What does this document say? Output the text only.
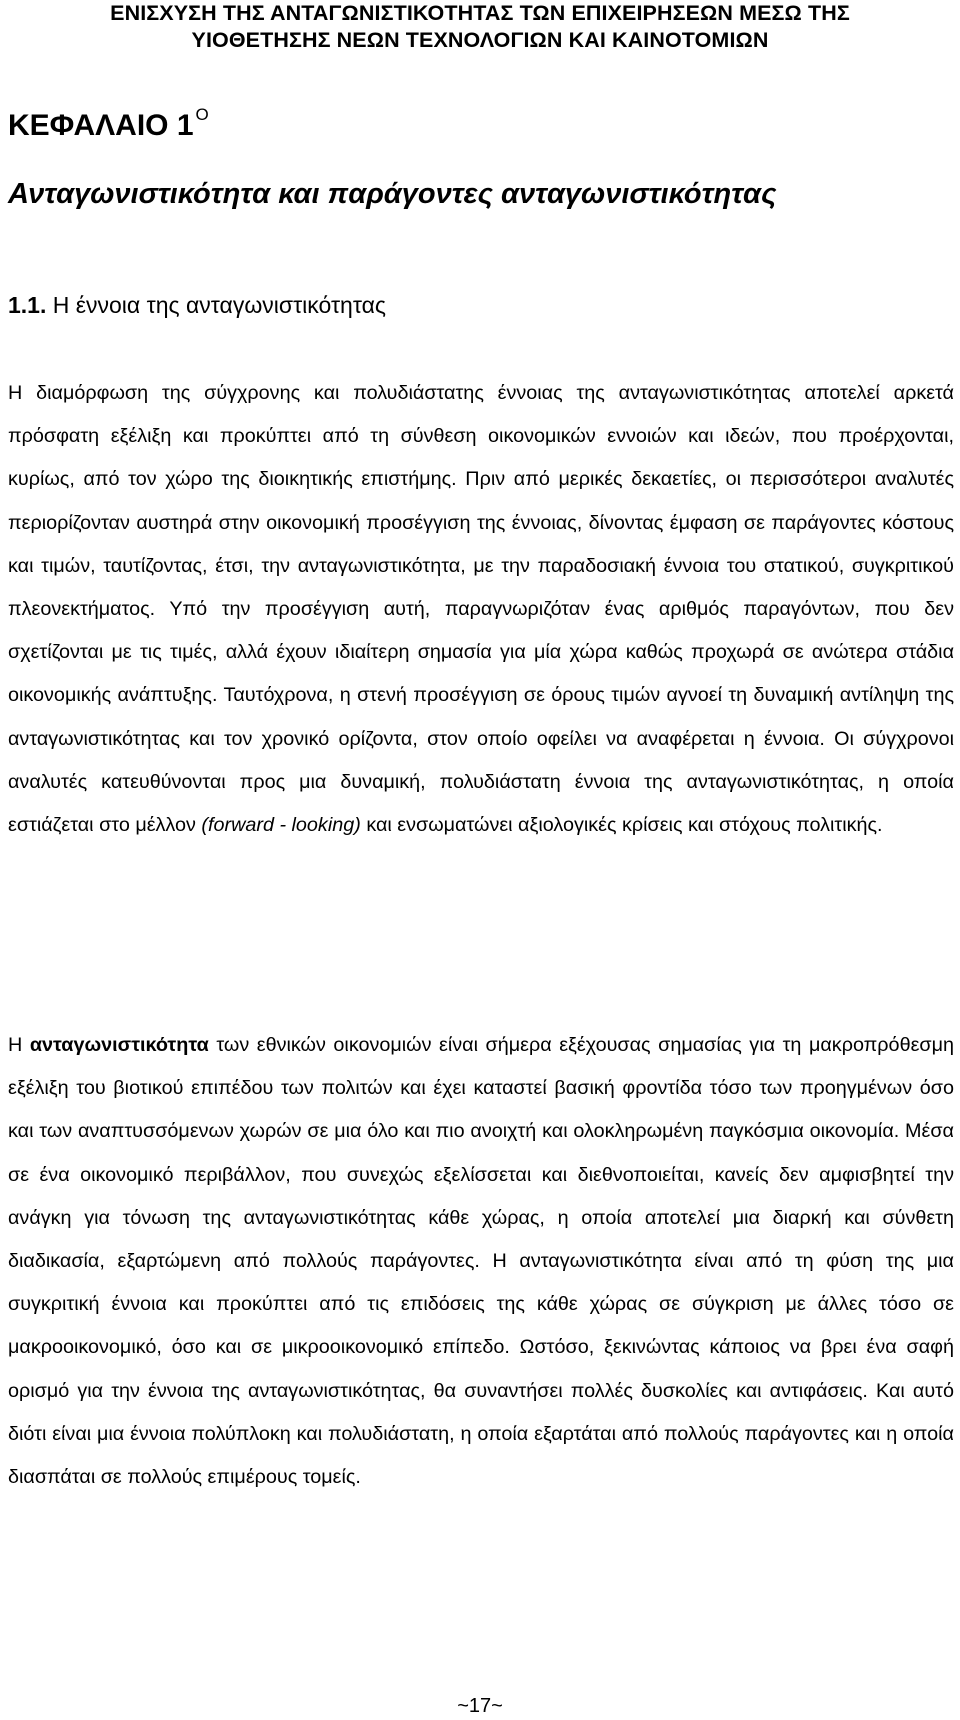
ΕΝΙΣΧΥΣΗ ΤΗΣ ΑΝΤΑΓΩΝΙΣΤΙΚΟΤΗΤΑΣ ΤΩΝ ΕΠΙΧΕΙΡΗΣΕΩΝ ΜΕΣΩ ΤΗΣ
ΥΙΟΘΕΤΗΣΗΣ ΝΕΩΝ ΤΕΧΝΟΛΟΓΙΩΝ ΚΑΙ ΚΑΙΝΟΤΟΜΙΩΝ
ΚΕΦΑΛΑΙΟ 1 $^O$
Ανταγωνιστικότητα και παράγοντες ανταγωνιστικότητας
1.1. Η έννοια της ανταγωνιστικότητας

Η διαμόρφωση της σύγχρονης και πολυδιάστατης έννοιας της ανταγωνιστικότητας αποτελεί αρκετά πρόσφατη εξέλιξη και προκύπτει από τη σύνθεση οικονομικών εννοιών και ιδεών, που προέρχονται, κυρίως, από τον χώρο της διοικητικής επιστήμης. Πριν από μερικές δεκαετίες, οι περισσότεροι αναλυτές περιορίζονταν αυστηρά στην οικονομική προσέγγιση της έννοιας, δίνοντας έμφαση σε παράγοντες κόστους και τιμών, ταυτίζοντας, έτσι, την ανταγωνιστικότητα, με την παραδοσιακή έννοια του στατικού, συγκριτικού πλεονεκτήματος. Υπό την προσέγγιση αυτή, παραγνωριζόταν ένας αριθμός παραγόντων, που δεν σχετίζονται με τις τιμές, αλλά έχουν ιδιαίτερη σημασία για μία χώρα καθώς προχωρά σε ανώτερα στάδια οικονομικής ανάπτυξης. Ταυτόχρονα, η στενή προσέγγιση σε όρους τιμών αγνοεί τη δυναμική αντίληψη της ανταγωνιστικότητας και τον χρονικό ορίζοντα, στον οποίο οφείλει να αναφέρεται η έννοια. Οι σύγχρονοι αναλυτές κατευθύνονται προς μια δυναμική, πολυδιάστατη έννοια της ανταγωνιστικότητας, η οποία εστιάζεται στο μέλλον (forward - looking) και ενσωματώνει αξιολογικές κρίσεις και στόχους πολιτικής.

Η ανταγωνιστικότητα των εθνικών οικονομιών είναι σήμερα εξέχουσας σημασίας για τη μακροπρόθεσμη εξέλιξη του βιοτικού επιπέδου των πολιτών και έχει καταστεί βασική φροντίδα τόσο των προηγμένων όσο και των αναπτυσσόμενων χωρών σε μια όλο και πιο ανοιχτή και ολοκληρωμένη παγκόσμια οικονομία. Μέσα σε ένα οικονομικό περιβάλλον, που συνεχώς εξελίσσεται και διεθνοποιείται, κανείς δεν αμφισβητεί την ανάγκη για τόνωση της ανταγωνιστικότητας κάθε χώρας, η οποία αποτελεί μια διαρκή και σύνθετη διαδικασία, εξαρτώμενη από πολλούς παράγοντες. Η ανταγωνιστικότητα είναι από τη φύση της μια συγκριτική έννοια και προκύπτει από τις επιδόσεις της κάθε χώρας σε σύγκριση με άλλες τόσο σε μακροοικονομικό, όσο και σε μικροοικονομικό επίπεδο. Ωστόσο, ξεκινώντας κάποιος να βρει ένα σαφή ορισμό για την έννοια της ανταγωνιστικότητας, θα συναντήσει πολλές δυσκολίες και αντιφάσεις. Και αυτό διότι είναι μια έννοια πολύπλοκη και πολυδιάστατη, η οποία εξαρτάται από πολλούς παράγοντες και η οποία διασπάται σε πολλούς επιμέρους τομείς.

~17~
